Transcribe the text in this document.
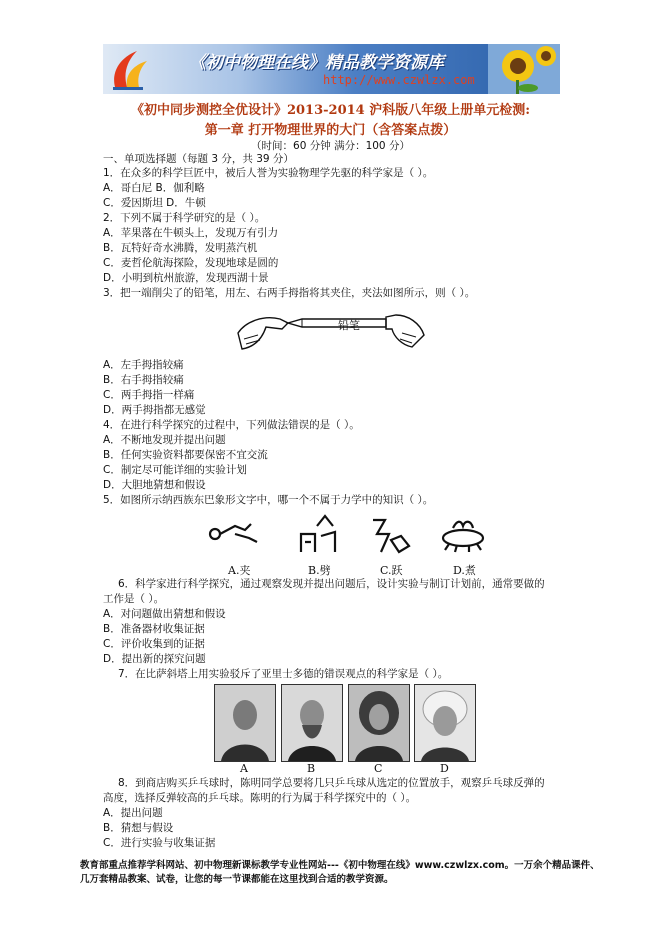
《初中物理在线》精品教学资源库
http://www.czwlzx.com
《初中同步测控全优设计》2013-2014 沪科版八年级上册单元检测:
第一章 打开物理世界的大门（含答案点拨）
（时间：60 分钟 满分：100 分）
一、单项选择题（每题 3 分，共 39 分）
1．在众多的科学巨匠中，被后人誉为实验物理学先驱的科学家是（ ）。
A．哥白尼 B．伽利略
C．爱因斯坦 D．牛顿
2．下列不属于科学研究的是（ ）。
A．苹果落在牛顿头上，发现万有引力
B．瓦特好奇水沸腾，发明蒸汽机
C．麦哲伦航海探险，发现地球是圆的
D．小明到杭州旅游，发现西湖十景
3．把一端削尖了的铅笔，用左、右两手拇指将其夹住，夹法如图所示，则（ ）。
铅笔
A．左手拇指较痛
B．右手拇指较痛
C．两手拇指一样痛
D．两手拇指都无感觉
4．在进行科学探究的过程中，下列做法错误的是（ ）。
A．不断地发现并提出问题
B．任何实验资料都要保密不宜交流
C．制定尽可能详细的实验计划
D．大胆地猜想和假设
5．如图所示纳西族东巴象形文字中，哪一个不属于力学中的知识（ ）。
A.夹	B.劈	C.跃	D.煮
6．科学家进行科学探究，通过观察发现并提出问题后，设计实验与制订计划前，通常要做的
工作是（ ）。
A．对问题做出猜想和假设
B．准备器材收集证据
C．评价收集到的证据
D．提出新的探究问题
7．在比萨斜塔上用实验驳斥了亚里士多德的错误观点的科学家是（ ）。
A	B	C	D
8．到商店购买乒乓球时，陈明同学总要将几只乒乓球从选定的位置放手，观察乒乓球反弹的
高度，选择反弹较高的乒乓球。陈明的行为属于科学探究中的（ ）。
A．提出问题
B．猜想与假设
C．进行实验与收集证据
教育部重点推荐学科网站、初中物理新课标教学专业性网站---《初中物理在线》www.czwlzx.com。一万余个精品课件、
几万套精品教案、试卷，让您的每一节课都能在这里找到合适的教学资源。
